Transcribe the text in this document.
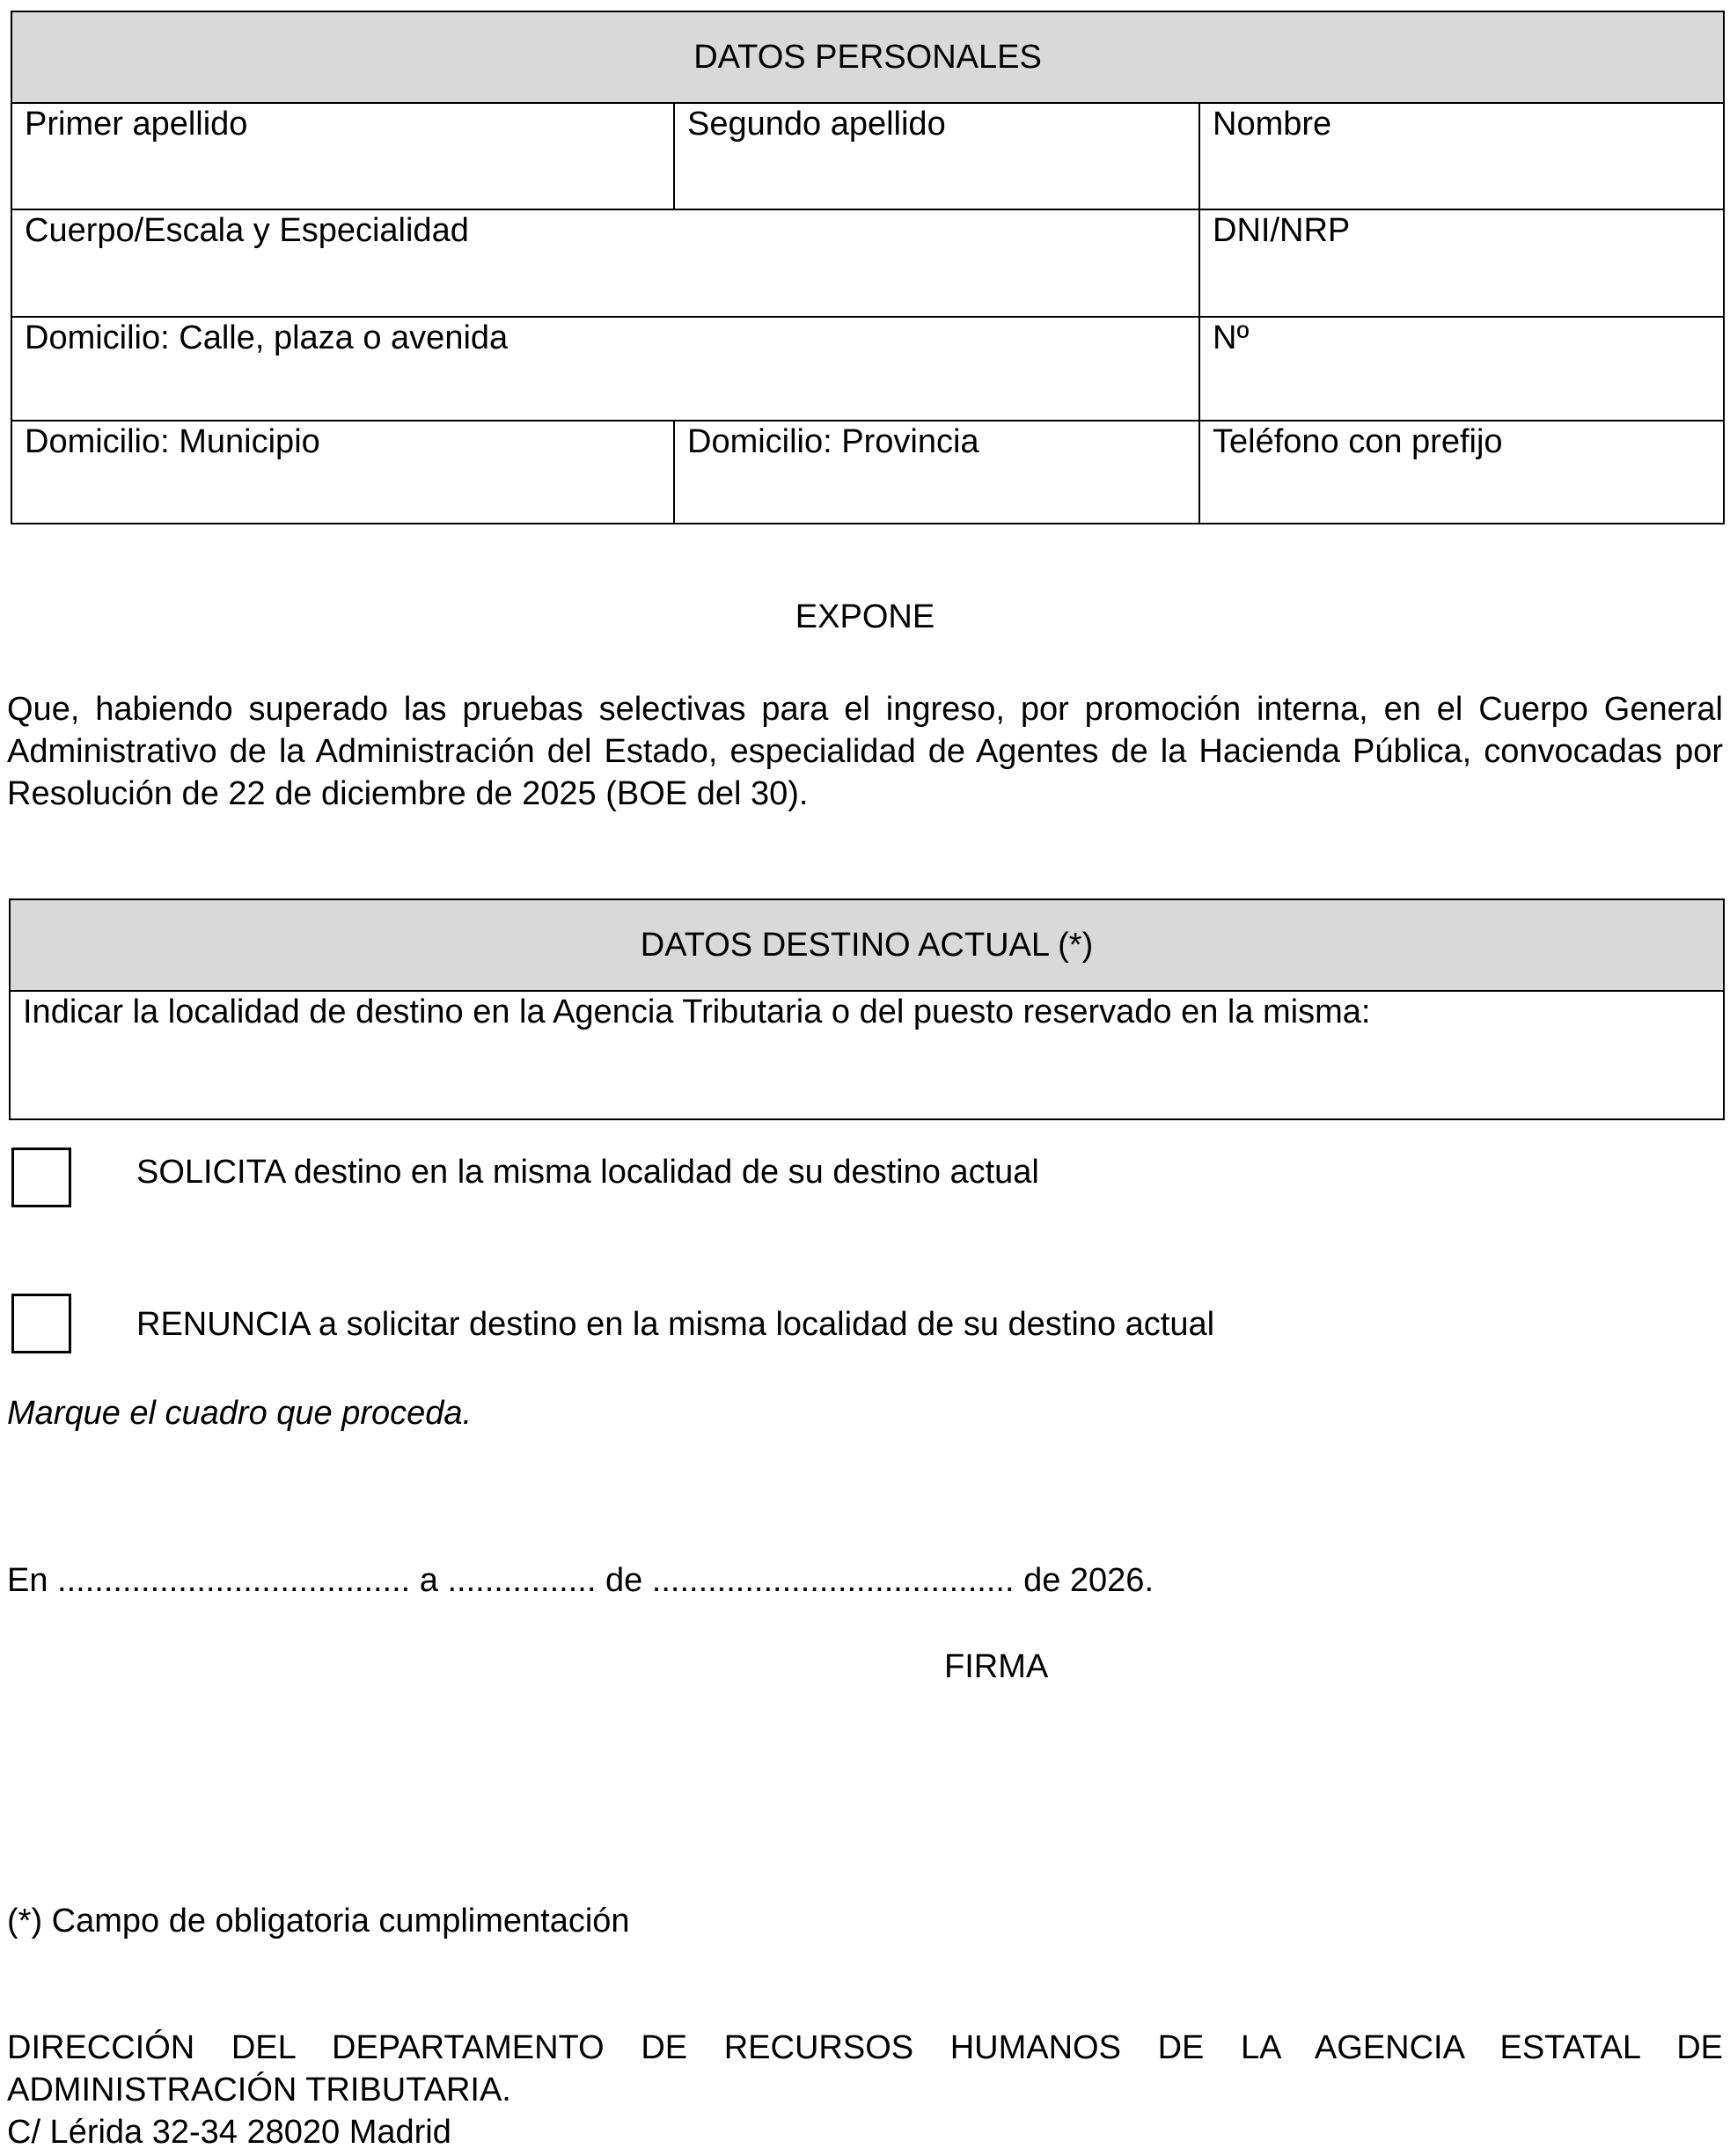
DATOS PERSONALES		
Primer apellido	Segundo apellido	Nombre
Cuerpo/Escala y Especialidad		DNI/NRP
Domicilio: Calle, plaza o avenida		Nº
Domicilio: Municipio	Domicilio: Provincia	Teléfono con prefijo
EXPONE
Que, habiendo superado las pruebas selectivas para el ingreso, por promoción interna, en el Cuerpo General Administrativo de la Administración del Estado, especialidad de Agentes de la Hacienda Pública, convocadas por Resolución de 22 de diciembre de 2025 (BOE del 30).
DATOS DESTINO ACTUAL (*)
Indicar la localidad de destino en la Agencia Tributaria o del puesto reservado en la misma:
SOLICITA destino en la misma localidad de su destino actual
RENUNCIA a solicitar destino en la misma localidad de su destino actual
Marque el cuadro que proceda.
En ...................................... a ................ de ....................................... de 2026.
FIRMA
(*) Campo de obligatoria cumplimentación
DIRECCIÓN DEL DEPARTAMENTO DE RECURSOS HUMANOS DE LA AGENCIA ESTATAL DE
ADMINISTRACIÓN TRIBUTARIA.
C/ Lérida 32-34 28020 Madrid
